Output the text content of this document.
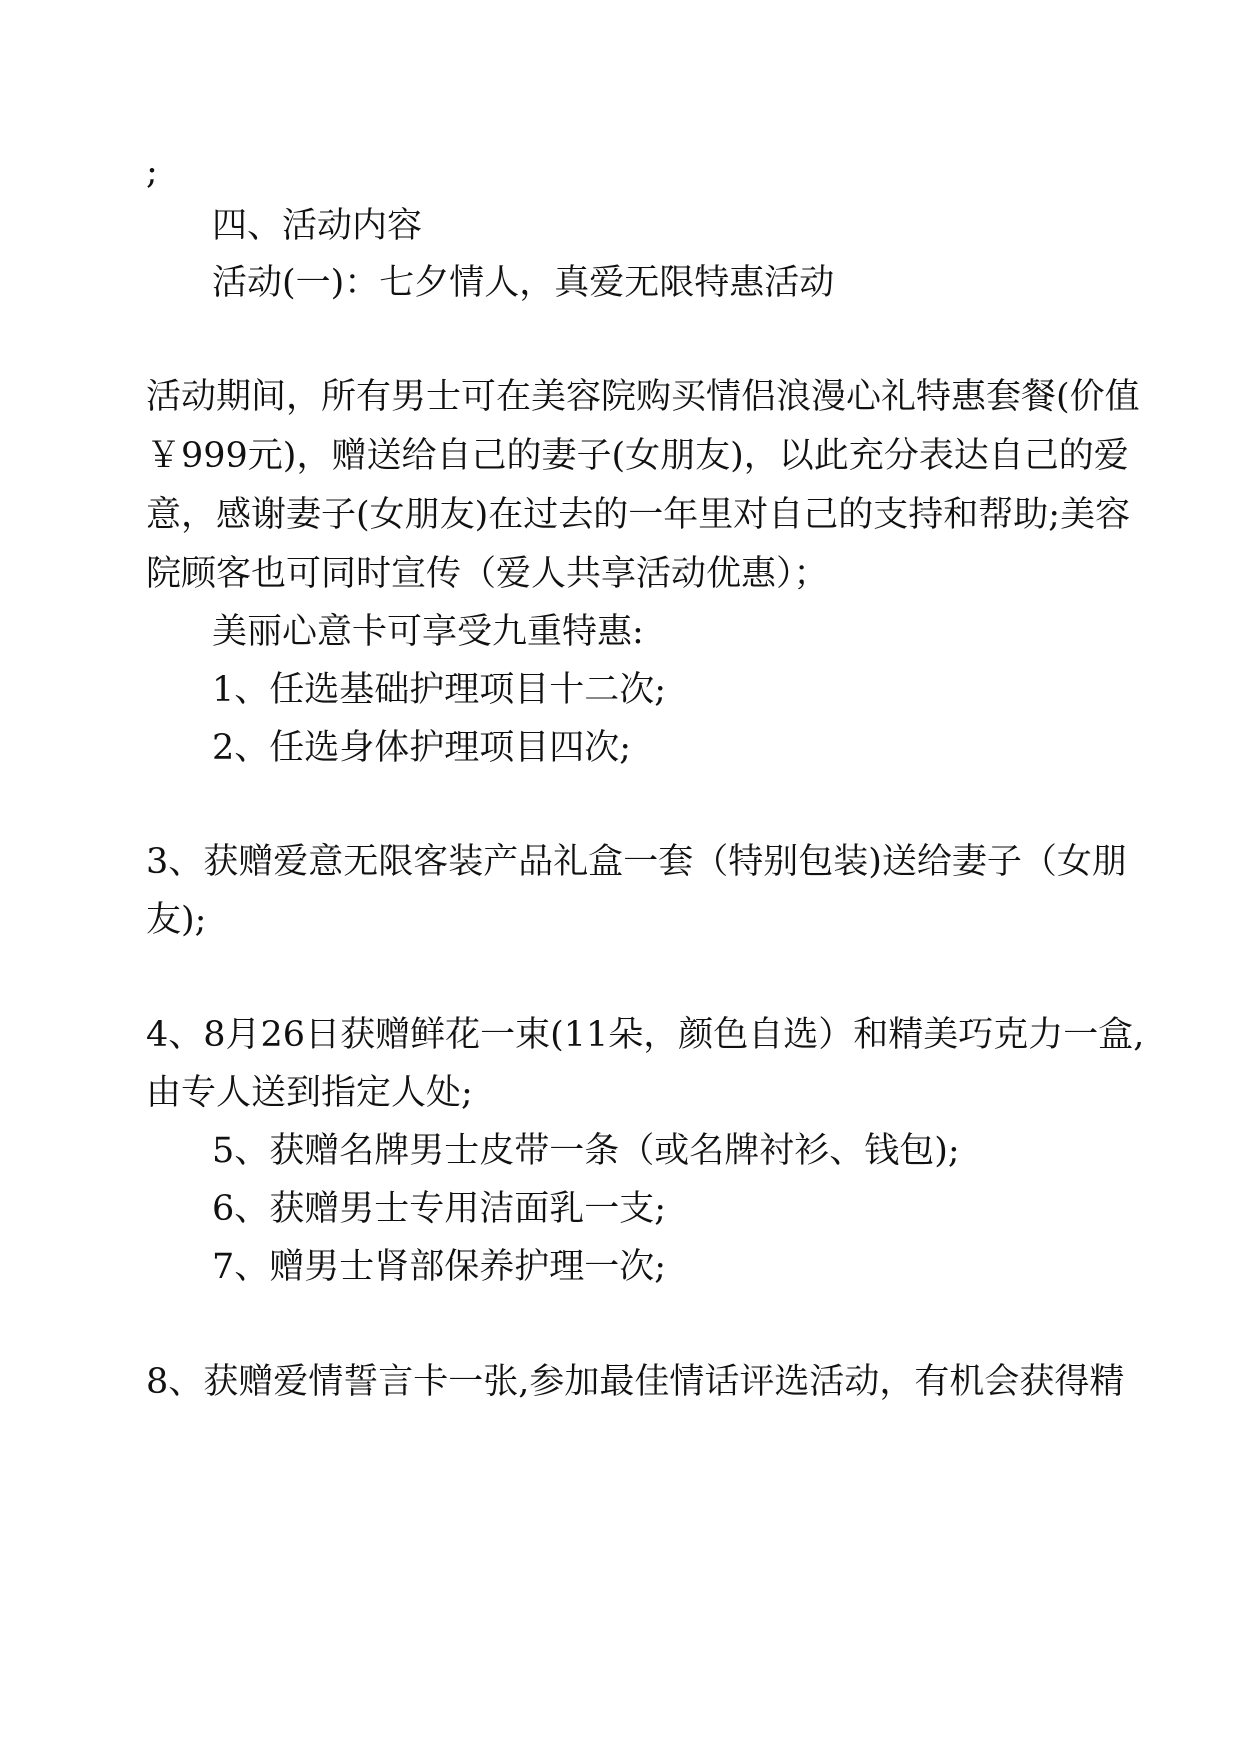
;
四、活动内容
活动(一)：七夕情人，真爱无限特惠活动
活动期间，所有男士可在美容院购买情侣浪漫心礼特惠套餐(价值
￥999元)，赠送给自己的妻子(女朋友)，以此充分表达自己的爱
意，感谢妻子(女朋友)在过去的一年里对自己的支持和帮助;美容
院顾客也可同时宣传（爱人共享活动优惠）；
美丽心意卡可享受九重特惠:
1、任选基础护理项目十二次;
2、任选身体护理项目四次;
3、获赠爱意无限客装产品礼盒一套（特别包装)送给妻子（女朋
友);
4、8月26日获赠鲜花一束(11朵，颜色自选）和精美巧克力一盒,
由专人送到指定人处;
5、获赠名牌男士皮带一条（或名牌衬衫、钱包);
6、获赠男士专用洁面乳一支;
7、赠男士肾部保养护理一次;
8、获赠爱情誓言卡一张,参加最佳情话评选活动，有机会获得精
